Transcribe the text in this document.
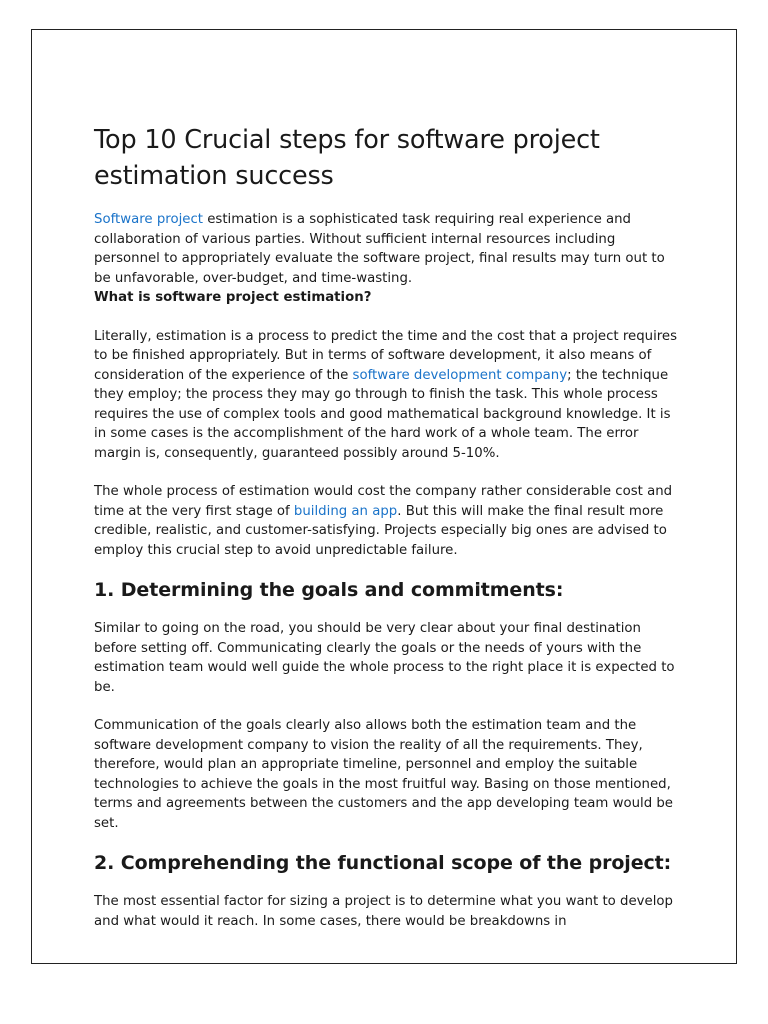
Top 10 Crucial steps for software project estimation success

Software project estimation is a sophisticated task requiring real experience and collaboration of various parties. Without sufficient internal resources including personnel to appropriately evaluate the software project, final results may turn out to be unfavorable, over-budget, and time-wasting.

What is software project estimation?

Literally, estimation is a process to predict the time and the cost that a project requires to be finished appropriately. But in terms of software development, it also means of consideration of the experience of the software development company; the technique they employ; the process they may go through to finish the task. This whole process requires the use of complex tools and good mathematical background knowledge. It is in some cases is the accomplishment of the hard work of a whole team. The error margin is, consequently, guaranteed possibly around 5-10%.

The whole process of estimation would cost the company rather considerable cost and time at the very first stage of building an app. But this will make the final result more credible, realistic, and customer-satisfying. Projects especially big ones are advised to employ this crucial step to avoid unpredictable failure.

1. Determining the goals and commitments:

Similar to going on the road, you should be very clear about your final destination before setting off. Communicating clearly the goals or the needs of yours with the estimation team would well guide the whole process to the right place it is expected to be.

Communication of the goals clearly also allows both the estimation team and the software development company to vision the reality of all the requirements. They, therefore, would plan an appropriate timeline, personnel and employ the suitable technologies to achieve the goals in the most fruitful way. Basing on those mentioned, terms and agreements between the customers and the app developing team would be set.

2. Comprehending the functional scope of the project:

The most essential factor for sizing a project is to determine what you want to develop and what would it reach. In some cases, there would be breakdowns in
